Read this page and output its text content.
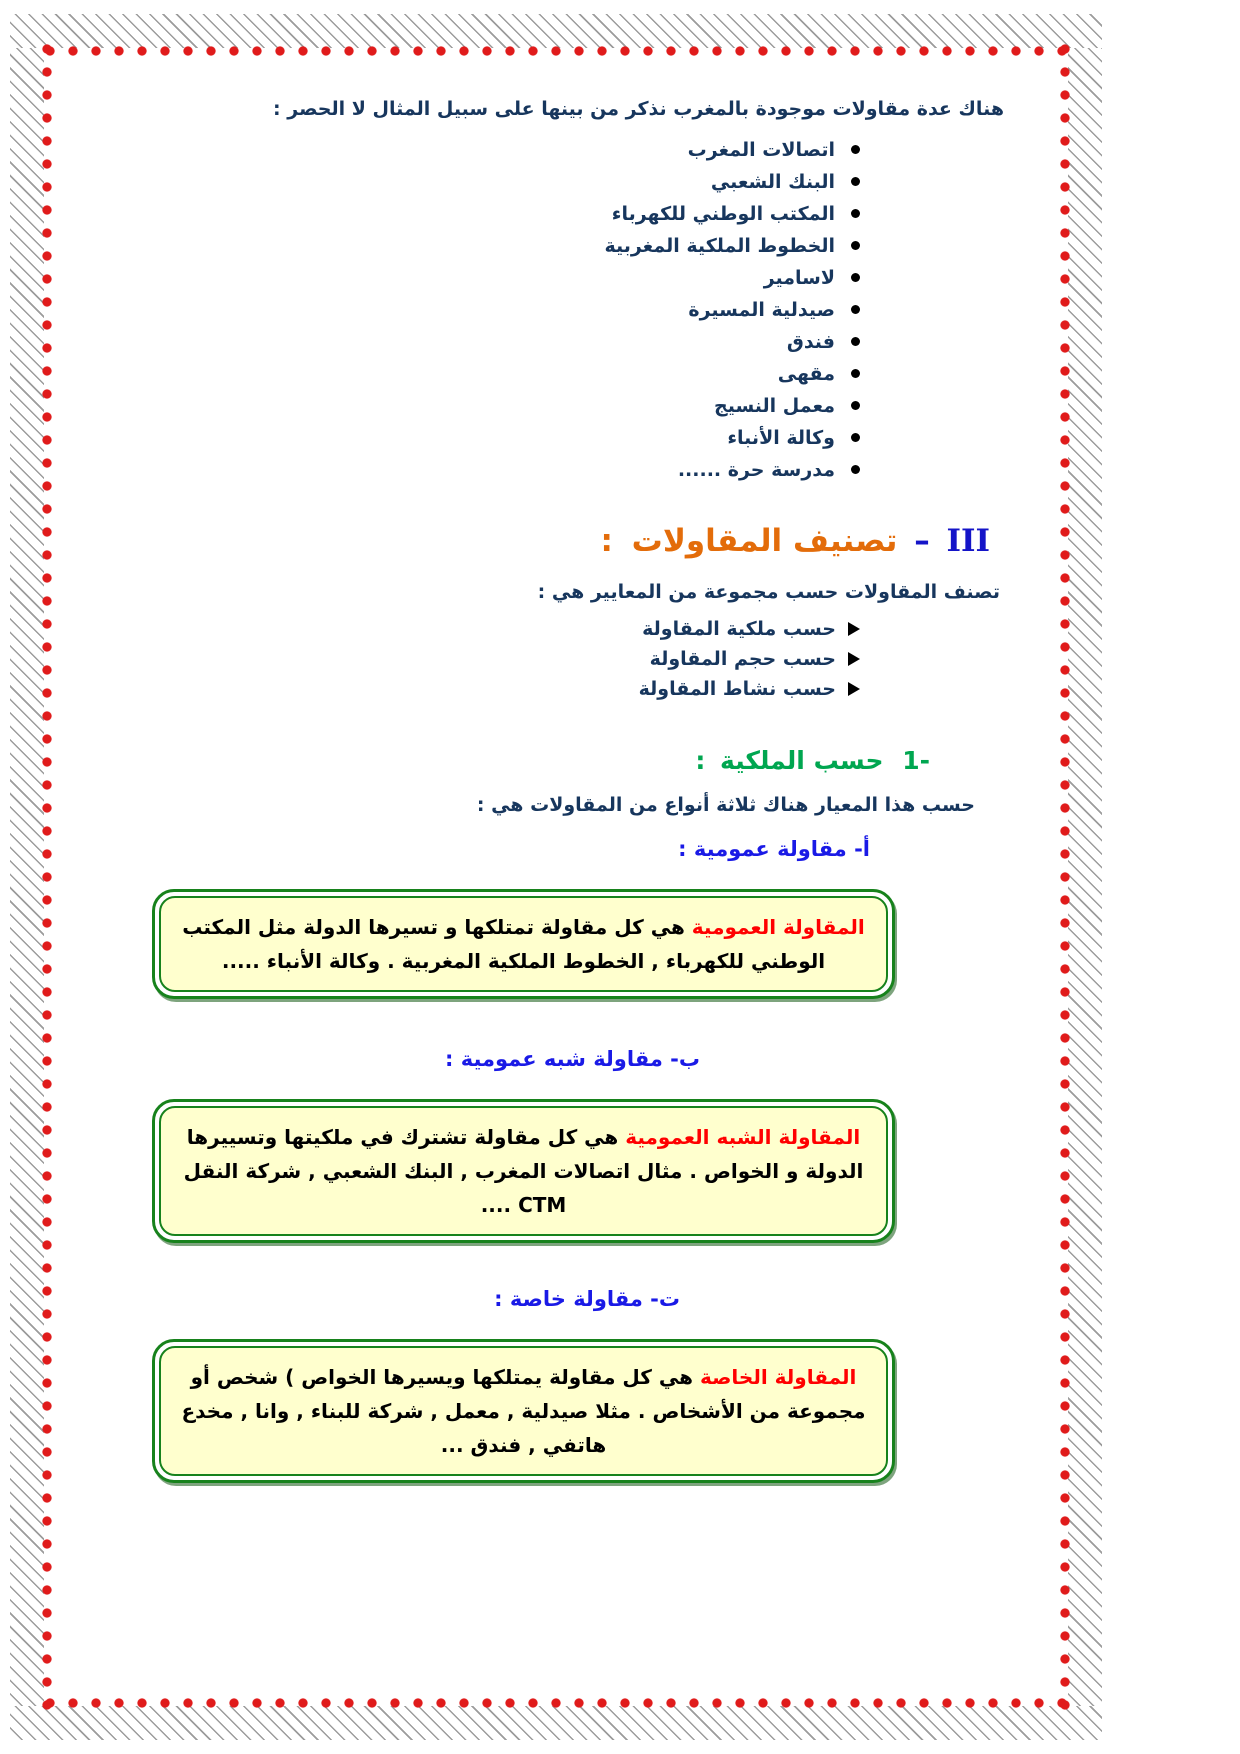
هناك عدة مقاولات موجودة بالمغرب نذكر من بينها على سبيل المثال لا الحصر :

اتصالات المغرب
البنك الشعبي
المكتب الوطني للكهرباء
الخطوط الملكية المغربية
لاسامير
صيدلية المسيرة
فندق
مقهى
معمل النسيج
وكالة الأنباء
مدرسة حرة ......
III – تصنيف المقاولات :

تصنف المقاولات حسب مجموعة من المعايير هي :

حسب ملكية المقاولة
حسب حجم المقاولة
حسب نشاط المقاولة
1- حسب الملكية :

حسب هذا المعيار هناك ثلاثة أنواع من المقاولات هي :

أ- مقاولة عمومية :
المقاولة العمومية هي كل مقاولة تمتلكها و تسيرها الدولة مثل المكتب الوطني للكهرباء , الخطوط الملكية المغربية . وكالة الأنباء .....
ب- مقاولة شبه عمومية :
المقاولة الشبه العمومية هي كل مقاولة تشترك في ملكيتها وتسييرها الدولة و الخواص . مثال اتصالات المغرب , البنك الشعبي , شركة النقل CTM ....
ت- مقاولة خاصة :
المقاولة الخاصة هي كل مقاولة يمتلكها ويسيرها الخواص ) شخص أو مجموعة من الأشخاص . مثلا صيدلية , معمل , شركة للبناء , وانا , مخدع هاتفي , فندق ...
